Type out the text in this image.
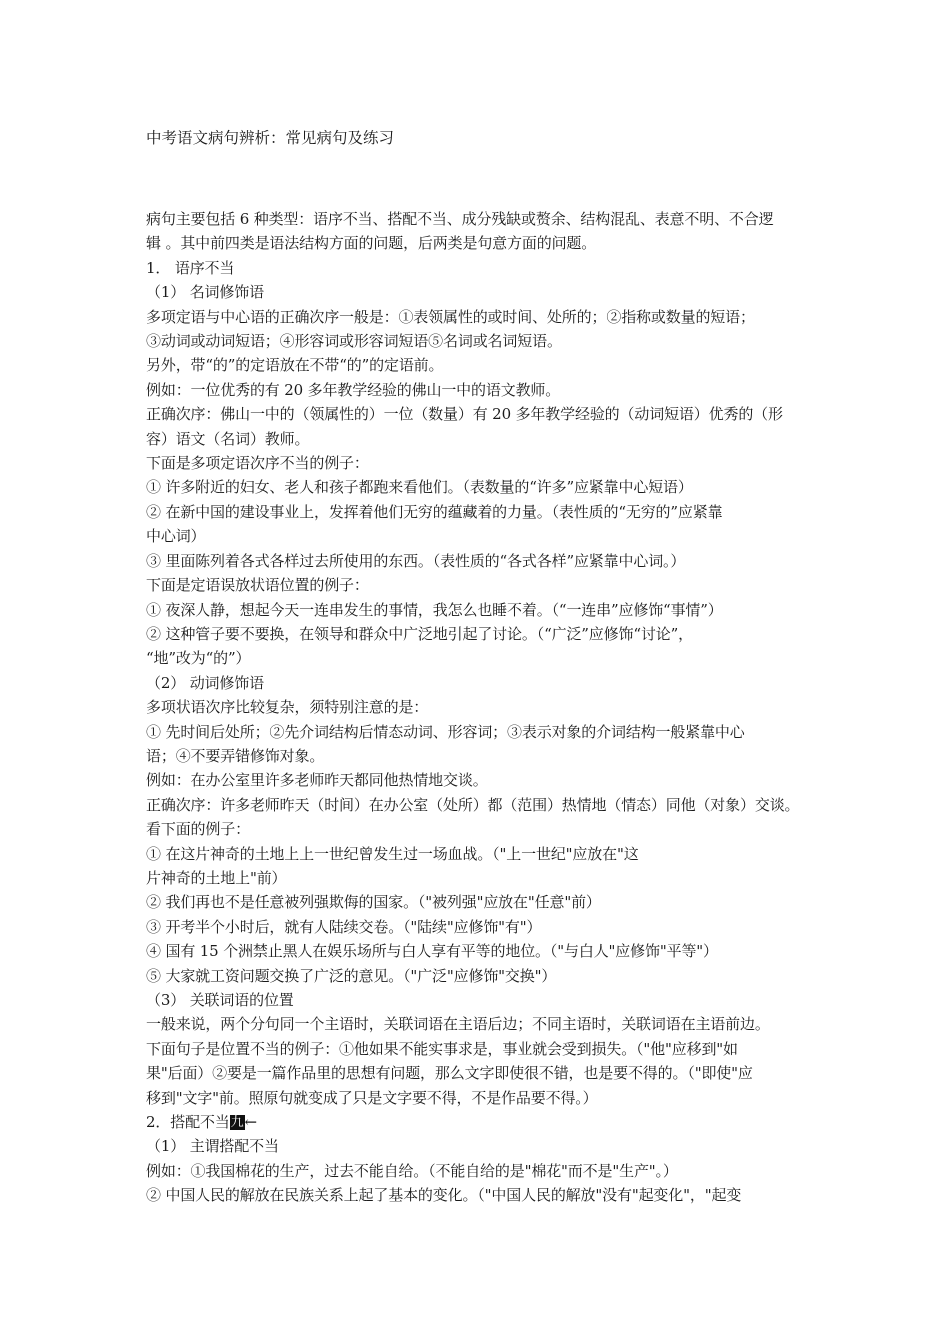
中考语文病句辨析：常见病句及练习
病句主要包括 6 种类型：语序不当、搭配不当、成分残缺或赘余、结构混乱、表意不明、不合逻
辑 。其中前四类是语法结构方面的问题，后两类是句意方面的问题。
1． 语序不当
（1） 名词修饰语
多项定语与中心语的正确次序一般是：①表领属性的或时间、处所的；②指称或数量的短语；
③动词或动词短语；④形容词或形容词短语⑤名词或名词短语。
另外，带“的”的定语放在不带“的”的定语前。
例如：一位优秀的有 20 多年教学经验的佛山一中的语文教师。
正确次序：佛山一中的（领属性的）一位（数量）有 20 多年教学经验的（动词短语）优秀的（形
容）语文（名词）教师。
下面是多项定语次序不当的例子：
① 许多附近的妇女、老人和孩子都跑来看他们。（表数量的“许多”应紧靠中心短语）
② 在新中国的建设事业上，发挥着他们无穷的蕴藏着的力量。（表性质的“无穷的”应紧靠
中心词）
③ 里面陈列着各式各样过去所使用的东西。（表性质的“各式各样”应紧靠中心词。）
下面是定语误放状语位置的例子：
① 夜深人静，想起今天一连串发生的事情，我怎么也睡不着。（“一连串”应修饰“事情”）
② 这种管子要不要换，在领导和群众中广泛地引起了讨论。（“广泛”应修饰“讨论”，
“地”改为“的”）
（2） 动词修饰语
多项状语次序比较复杂，须特别注意的是：
① 先时间后处所；②先介词结构后情态动词、形容词；③表示对象的介词结构一般紧靠中心
语；④不要弄错修饰对象。
例如：在办公室里许多老师昨天都同他热情地交谈。
正确次序：许多老师昨天（时间）在办公室（处所）都（范围）热情地（情态）同他（对象）交谈。
看下面的例子：
① 在这片神奇的土地上上一世纪曾发生过一场血战。（"上一世纪"应放在"这
片神奇的土地上"前）
② 我们再也不是任意被列强欺侮的国家。（"被列强"应放在"任意"前）
③ 开考半个小时后，就有人陆续交卷。（"陆续"应修饰"有"）
④ 国有 15 个洲禁止黑人在娱乐场所与白人享有平等的地位。（"与白人"应修饰"平等"）
⑤ 大家就工资问题交换了广泛的意见。（"广泛"应修饰"交换"）
（3） 关联词语的位置
一般来说，两个分句同一个主语时，关联词语在主语后边；不同主语时，关联词语在主语前边。
下面句子是位置不当的例子：①他如果不能实事求是，事业就会受到损失。（"他"应移到"如
果"后面）②要是一篇作品里的思想有问题，那么文字即使很不错，也是要不得的。（"即使"应
移到"文字"前。照原句就变成了只是文字要不得，不是作品要不得。）
2．搭配不当九←
（1） 主谓搭配不当
例如：①我国棉花的生产，过去不能自给。（不能自给的是"棉花"而不是"生产"。）
② 中国人民的解放在民族关系上起了基本的变化。（"中国人民的解放"没有"起变化"，"起变
